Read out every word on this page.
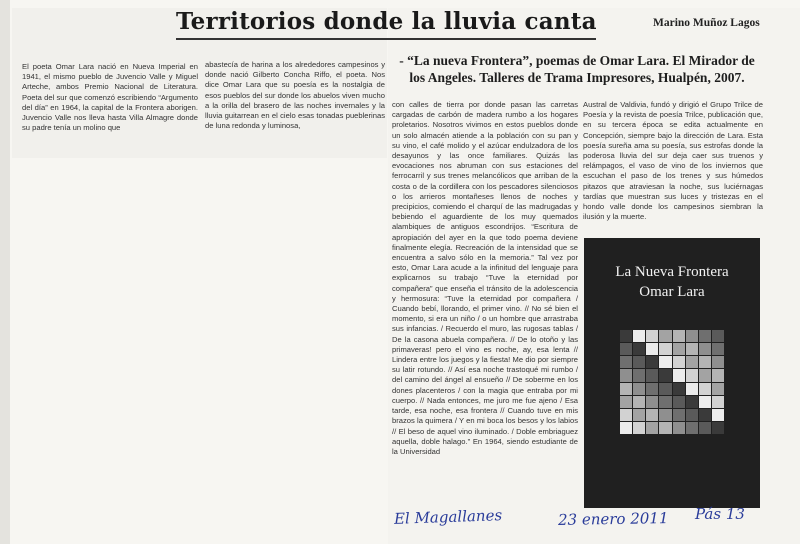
Territorios donde la lluvia canta	Marino Muñoz Lagos
- “La nueva Frontera”, poemas de Omar Lara. El Mirador de los Angeles. Talleres de Trama Impresores, Hualpén, 2007.

El poeta Omar Lara nació en Nueva Imperial en 1941, el mismo pueblo de Juvencio Valle y Miguel Arteche, ambos Premio Nacional de Literatura. Poeta del sur que comenzó escribiendo “Argumento del día” en 1964, la capital de la Frontera aborigen. Juvencio Valle nos lleva hasta Villa Almagre donde su padre tenía un molino que

abastecía de harina a los alrededores campesinos y donde nació Gilberto Concha Riffo, el poeta. Nos dice Omar Lara que su poesía es la nostalgia de esos pueblos del sur donde los abuelos viven mucho a la orilla del brasero de las noches invernales y la lluvia guitarrean en el cielo esas tonadas pueblerinas de luna redonda y luminosa,

con calles de tierra por donde pasan las carretas cargadas de carbón de madera rumbo a los hogares proletarios. Nosotros vivimos en estos pueblos donde un solo almacén atiende a la población con su pan y su vino, el café molido y el azúcar endulzadora de los desayunos y las once familiares. Quizás las evocaciones nos abruman con sus estaciones del ferrocarril y sus trenes melancólicos que arriban de la costa o de la cordillera con los pescadores silenciosos o los arrieros montañeses llenos de noches y precipicios, comiendo el charquí de las madrugadas y bebiendo el aguardiente de los muy quemados alambiques de antiguos escondrijos. “Escritura de apropiación del ayer en la que todo poema deviene finalmente elegía. Recreación de la intensidad que se encuentra a salvo sólo en la memoria.” Tal vez por esto, Omar Lara acude a la infinitud del lenguaje para explicarnos su trabajo “Tuve la eternidad por compañera” que enseña el tránsito de la adolescencia y hermosura: “Tuve la eternidad por compañera / Cuando bebí, llorando, el primer vino. // No sé bien el momento, si era un niño / o un hombre que arrastraba sus infancias. / Recuerdo el muro, las rugosas tablas / De la casona abuela compañera. // De lo otoño y las primaveras! pero el vino es noche, ay, esa lenta // Lindera entre los juegos y la fiesta! Me dio por siempre su latir rotundo. // Así esa noche trastoqué mi rumbo / del camino del ángel al ensueño // De soberme en los dones placenteros / con la magia que entraba por mi cuerpo. // Nada entonces, me juro me fue ajeno / Esa tarde, esa noche, esa frontera // Cuando tuve en mis brazos la quimera / Y en mi boca los besos y los labios // El beso de aquel vino iluminado. / Doble embriaguez aquella, doble halago.” En 1964, siendo estudiante de la Universidad

Austral de Valdivia, fundó y dirigió el Grupo Trilce de Poesía y la revista de poesía Trilce, publicación que, en su tercera época se edita actualmente en Concepción, siempre bajo la dirección de Lara. Esta poesía sureña ama su poesía, sus estrofas donde la poderosa lluvia del sur deja caer sus truenos y relámpagos, el vaso de vino de los inviernos que escuchan el paso de los trenes y sus húmedos pitazos que atraviesan la noche, sus luciérnagas tardías que muestran sus luces y tristezas en el hondo valle donde los campesinos siembran la ilusión y la muerte.

La Nueva Frontera

Omar Lara

El Magallanes	23 enero 2011 Pás 13
